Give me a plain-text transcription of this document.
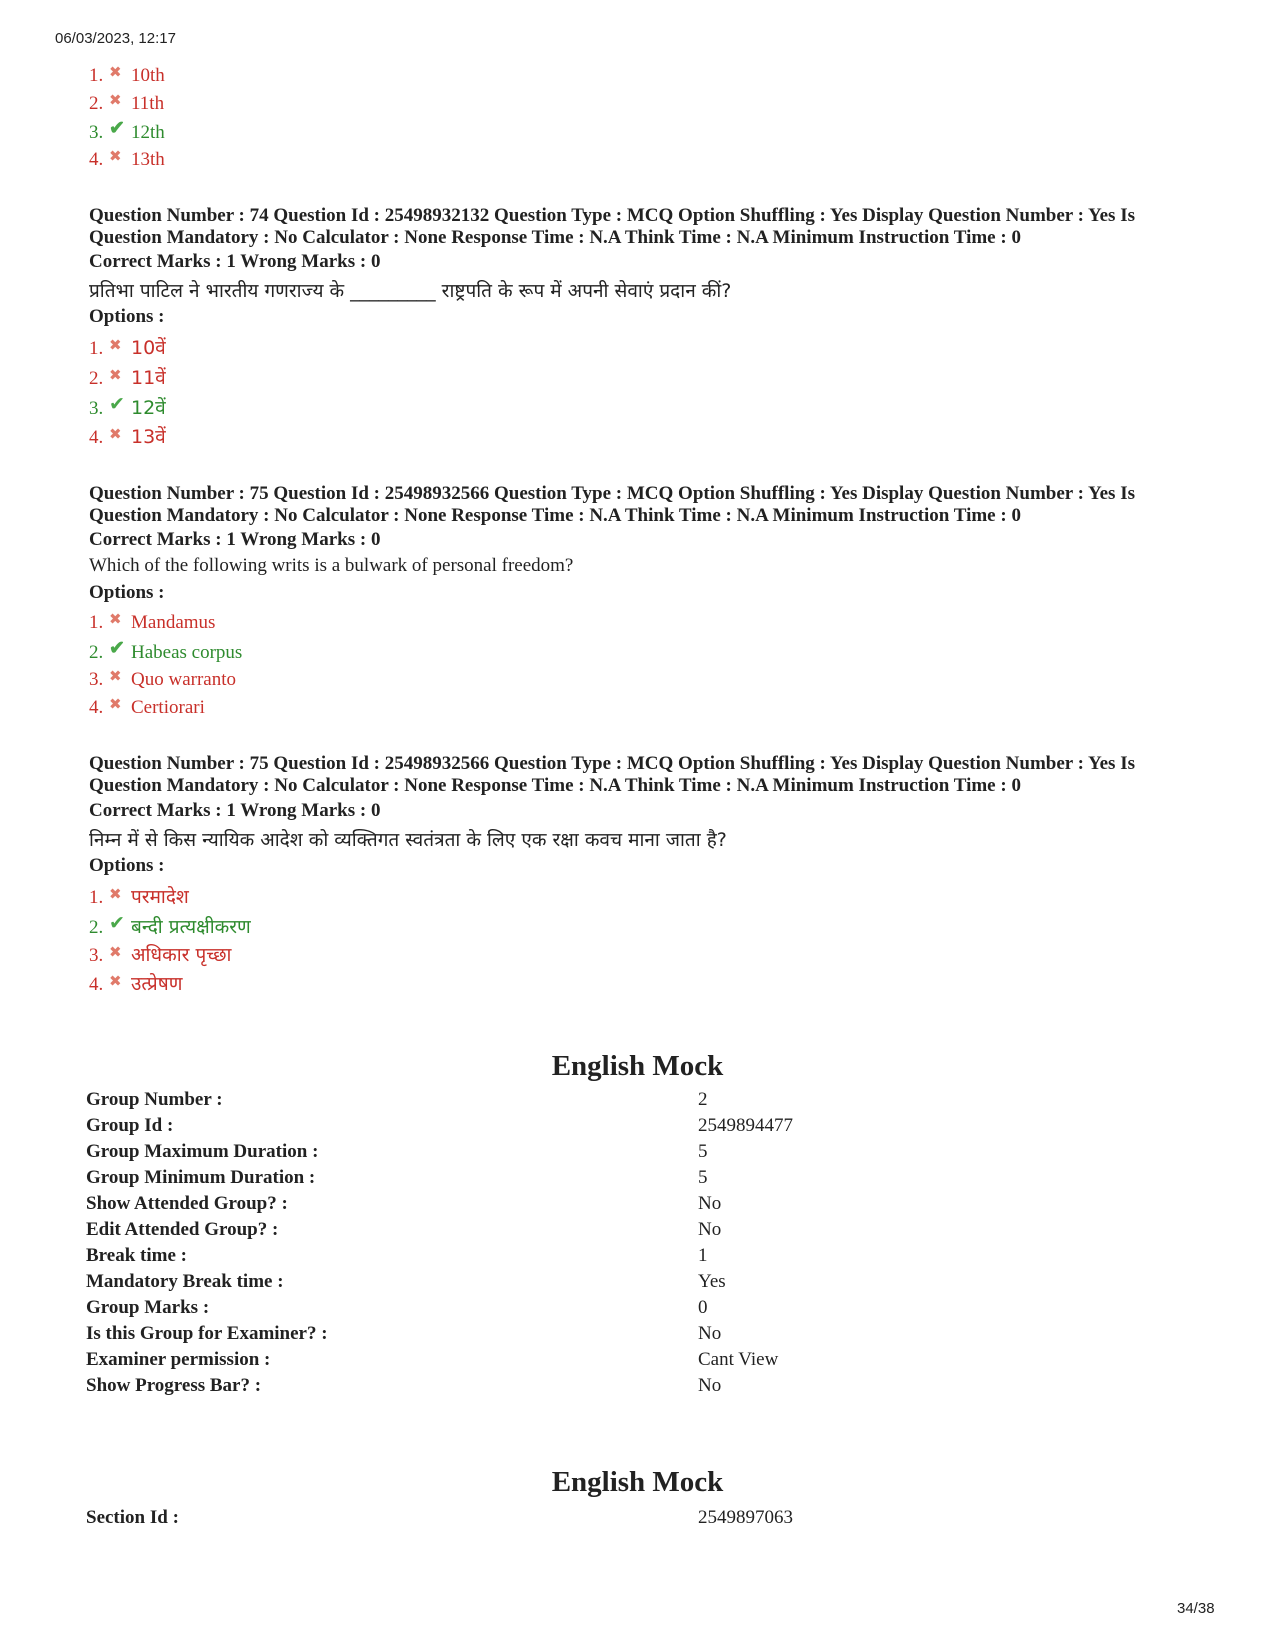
06/03/2023, 12:17
1. ✖ 10th
2. ✖ 11th
3. ✔ 12th
4. ✖ 13th
Question Number : 74 Question Id : 25498932132 Question Type : MCQ Option Shuffling : Yes Display Question Number : Yes Is
Question Mandatory : No Calculator : None Response Time : N.A Think Time : N.A Minimum Instruction Time : 0
Correct Marks : 1 Wrong Marks : 0
प्रतिभा पाटिल ने भारतीय गणराज्य के _________ राष्ट्रपति के रूप में अपनी सेवाएं प्रदान कीं?
Options :
1. ✖ 10वें
2. ✖ 11वें
3. ✔ 12वें
4. ✖ 13वें
Question Number : 75 Question Id : 25498932566 Question Type : MCQ Option Shuffling : Yes Display Question Number : Yes Is
Question Mandatory : No Calculator : None Response Time : N.A Think Time : N.A Minimum Instruction Time : 0
Correct Marks : 1 Wrong Marks : 0
Which of the following writs is a bulwark of personal freedom?
Options :
1. ✖ Mandamus
2. ✔ Habeas corpus
3. ✖ Quo warranto
4. ✖ Certiorari
Question Number : 75 Question Id : 25498932566 Question Type : MCQ Option Shuffling : Yes Display Question Number : Yes Is
Question Mandatory : No Calculator : None Response Time : N.A Think Time : N.A Minimum Instruction Time : 0
Correct Marks : 1 Wrong Marks : 0
निम्न में से किस न्यायिक आदेश को व्यक्तिगत स्वतंत्रता के लिए एक रक्षा कवच माना जाता है?
Options :
1. ✖ परमादेश
2. ✔ बन्दी प्रत्यक्षीकरण
3. ✖ अधिकार पृच्छा
4. ✖ उत्प्रेषण
English Mock
Group Number :	2
Group Id :	2549894477
Group Maximum Duration :	5
Group Minimum Duration :	5
Show Attended Group? :	No
Edit Attended Group? :	No
Break time :	1
Mandatory Break time :	Yes
Group Marks :	0
Is this Group for Examiner? :	No
Examiner permission :	Cant View
Show Progress Bar? :	No
English Mock
Section Id :	2549897063
34/38
